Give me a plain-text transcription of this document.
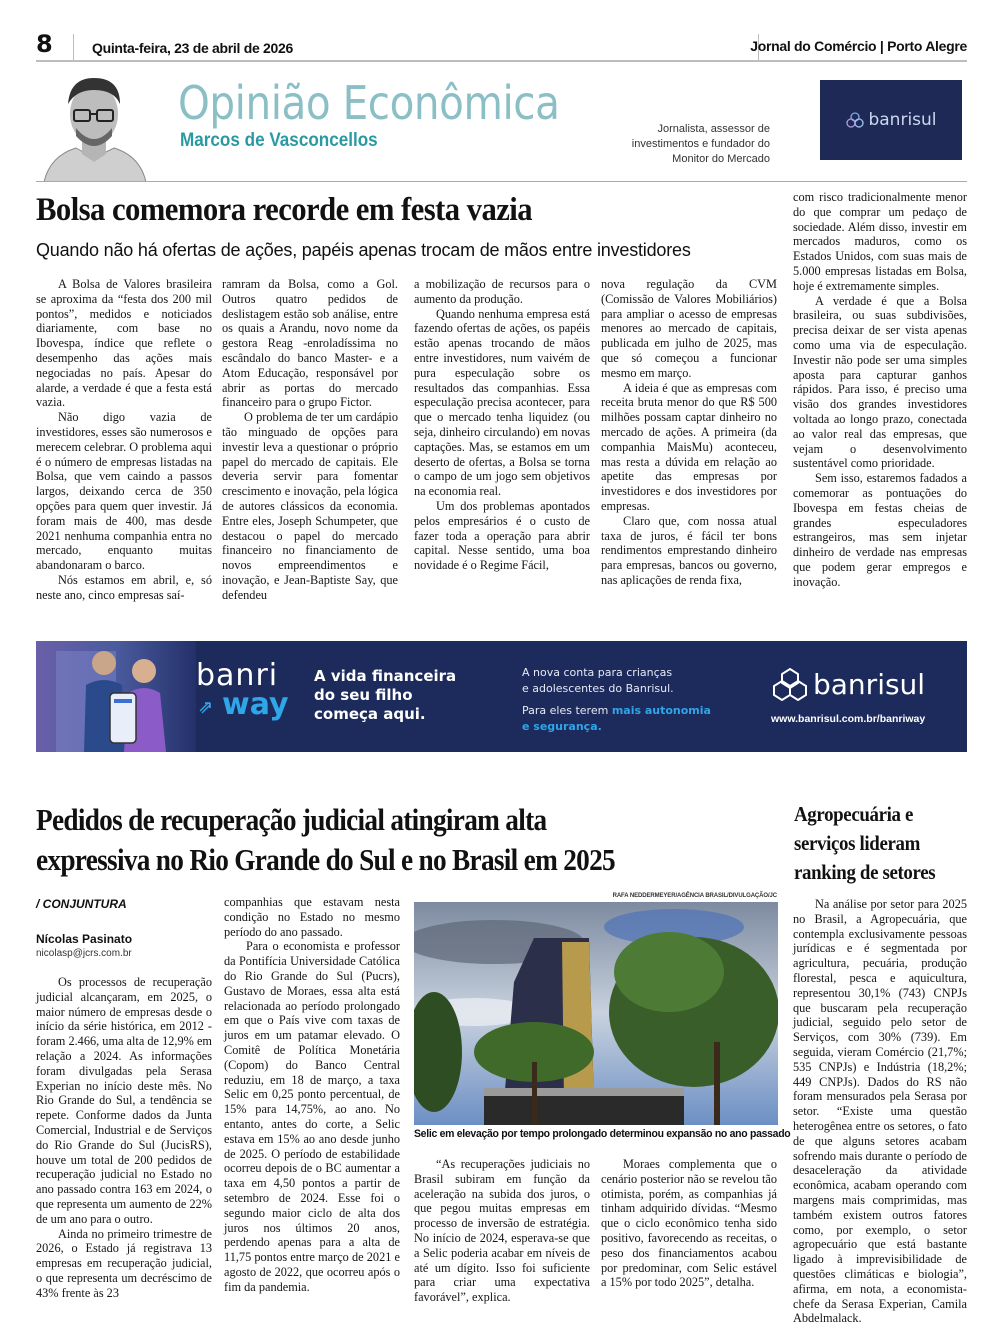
8	Quinta-feira, 23 de abril de 2026	Jornal do Comércio | Porto Alegre
Opinião Econômica
Marcos de Vasconcellos
Jornalista, assessor de
investimentos e fundador do
Monitor do Mercado
banrisul
Bolsa comemora recorde em festa vazia
Quando não há ofertas de ações, papéis apenas trocam de mãos entre investidores

A Bolsa de Valores brasileira se aproxima da “festa dos 200 mil pontos”, medidos e noticiados diariamente, com base no Ibovespa, índice que reflete o desempenho das ações mais negociadas no país. Apesar do alarde, a verdade é que a festa está vazia.

Não digo vazia de investidores, esses são numerosos e merecem celebrar. O problema aqui é o número de empresas listadas na Bolsa, que vem caindo a passos largos, deixando cerca de 350 opções para quem quer investir. Já foram mais de 400, mas desde 2021 nenhuma companhia entra no mercado, enquanto muitas abandonaram o barco.

Nós estamos em abril, e, só neste ano, cinco empresas saí-

ramram da Bolsa, como a Gol. Outros quatro pedidos de deslistagem estão sob análise, entre os quais a Arandu, novo nome da gestora Reag -enroladíssima no escândalo do banco Master- e a Atom Educação, responsável por abrir as portas do mercado financeiro para o grupo Fictor.

O problema de ter um cardápio tão minguado de opções para investir leva a questionar o próprio papel do mercado de capitais. Ele deveria servir para fomentar crescimento e inovação, pela lógica de autores clássicos da economia. Entre eles, Joseph Schumpeter, que destacou o papel do mercado financeiro no financiamento de novos empreendimentos e inovação, e Jean-Baptiste Say, que defendeu

a mobilização de recursos para o aumento da produção.

Quando nenhuma empresa está fazendo ofertas de ações, os papéis estão apenas trocando de mãos entre investidores, num vaivém de pura especulação sobre os resultados das companhias. Essa especulação precisa acontecer, para que o mercado tenha liquidez (ou seja, dinheiro circulando) em novas captações. Mas, se estamos em um deserto de ofertas, a Bolsa se torna o campo de um jogo sem objetivos na economia real.

Um dos problemas apontados pelos empresários é o custo de fazer toda a operação para abrir capital. Nesse sentido, uma boa novidade é o Regime Fácil,

nova regulação da CVM (Comissão de Valores Mobiliários) para ampliar o acesso de empresas menores ao mercado de capitais, publicada em julho de 2025, mas que só começou a funcionar mesmo em março.

A ideia é que as empresas com receita bruta menor do que R$ 500 milhões possam captar dinheiro no mercado de ações. A primeira (da companhia MaisMu) aconteceu, mas resta a dúvida em relação ao apetite das empresas por investidores e dos investidores por empresas.

Claro que, com nossa atual taxa de juros, é fácil ter bons rendimentos emprestando dinheiro para empresas, bancos ou governo, nas aplicações de renda fixa,

com risco tradicionalmente menor do que comprar um pedaço de sociedade. Além disso, investir em mercados maduros, como os Estados Unidos, com suas mais de 5.000 empresas listadas em Bolsa, hoje é extremamente simples.

A verdade é que a Bolsa brasileira, ou suas subdivisões, precisa deixar de ser vista apenas como uma via de especulação. Investir não pode ser uma simples aposta para capturar ganhos rápidos. Para isso, é preciso uma visão dos grandes investidores voltada ao longo prazo, conectada ao valor real das empresas, que vejam o desenvolvimento sustentável como prioridade.

Sem isso, estaremos fadados a comemorar as pontuações do Ibovespa em festas cheias de grandes especuladores estrangeiros, mas sem injetar dinheiro de verdade nas empresas que podem gerar empregos e inovação.

banri
way
⇗
A vida financeira
do seu filho
começa aqui.
A nova conta para crianças
e adolescentes do Banrisul.
Para eles terem mais autonomia
e segurança.
banrisul
www.banrisul.com.br/banriway
Pedidos de recuperação judicial atingiram alta
expressiva no Rio Grande do Sul e no Brasil em 2025
Agropecuária e
serviços lideram
ranking de setores
/ CONJUNTURA
Nícolas Pasinato
nicolasp@jcrs.com.br

Os processos de recuperação judicial alcançaram, em 2025, o maior número de empresas desde o início da série histórica, em 2012 - foram 2.466, uma alta de 12,9% em relação a 2024. As informações foram divulgadas pela Serasa Experian no início deste mês. No Rio Grande do Sul, a tendência se repete. Conforme dados da Junta Comercial, Industrial e de Serviços do Rio Grande do Sul (JucisRS), houve um total de 200 pedidos de recuperação judicial no Estado no ano passado contra 163 em 2024, o que representa um aumento de 22% de um ano para o outro.

Ainda no primeiro trimestre de 2026, o Estado já registrava 13 empresas em recuperação judicial, o que representa um decréscimo de 43% frente às 23

companhias que estavam nesta condição no Estado no mesmo período do ano passado.

Para o economista e professor da Pontifícia Universidade Católica do Rio Grande do Sul (Pucrs), Gustavo de Moraes, essa alta está relacionada ao período prolongado em que o País vive com taxas de juros em um patamar elevado. O Comitê de Política Monetária (Copom) do Banco Central reduziu, em 18 de março, a taxa Selic em 0,25 ponto percentual, de 15% para 14,75%, ao ano. No entanto, antes do corte, a Selic estava em 15% ao ano desde junho de 2025. O período de estabilidade ocorreu depois de o BC aumentar a taxa em 4,50 pontos a partir de setembro de 2024. Esse foi o segundo maior ciclo de alta dos juros nos últimos 20 anos, perdendo apenas para a alta de 11,75 pontos entre março de 2021 e agosto de 2022, que ocorreu após o fim da pandemia.

RAFA NEDDERMEYER/AGÊNCIA BRASIL/DIVULGAÇÃO/JC
Selic em elevação por tempo prolongado determinou expansão no ano passado

“As recuperações judiciais no Brasil subiram em função da aceleração na subida dos juros, o que pegou muitas empresas em processo de inversão de estratégia. No início de 2024, esperava-se que a Selic poderia acabar em níveis de até um dígito. Isso foi suficiente para criar uma expectativa favorável”, explica.

Moraes complementa que o cenário posterior não se revelou tão otimista, porém, as companhias já tinham adquirido dívidas. “Mesmo que o ciclo econômico tenha sido positivo, favorecendo as receitas, o peso dos financiamentos acabou por predominar, com Selic estável a 15% por todo 2025”, detalha.

Na análise por setor para 2025 no Brasil, a Agropecuária, que contempla exclusivamente pessoas jurídicas e é segmentada por agricultura, pecuária, produção florestal, pesca e aquicultura, representou 30,1% (743) CNPJs que buscaram pela recuperação judicial, seguido pelo setor de Serviços, com 30% (739). Em seguida, vieram Comércio (21,7%; 535 CNPJs) e Indústria (18,2%; 449 CNPJs). Dados do RS não foram mensurados pela Serasa por setor. “Existe uma questão heterogênea entre os setores, o fato de que alguns setores acabam sofrendo mais durante o período de desaceleração da atividade econômica, acabam operando com margens mais comprimidas, mas também existem outros fatores como, por exemplo, o setor agropecuário que está bastante ligado à imprevisibilidade de questões climáticas e biologia”, afirma, em nota, a economista-chefe da Serasa Experian, Camila Abdelmalack.
